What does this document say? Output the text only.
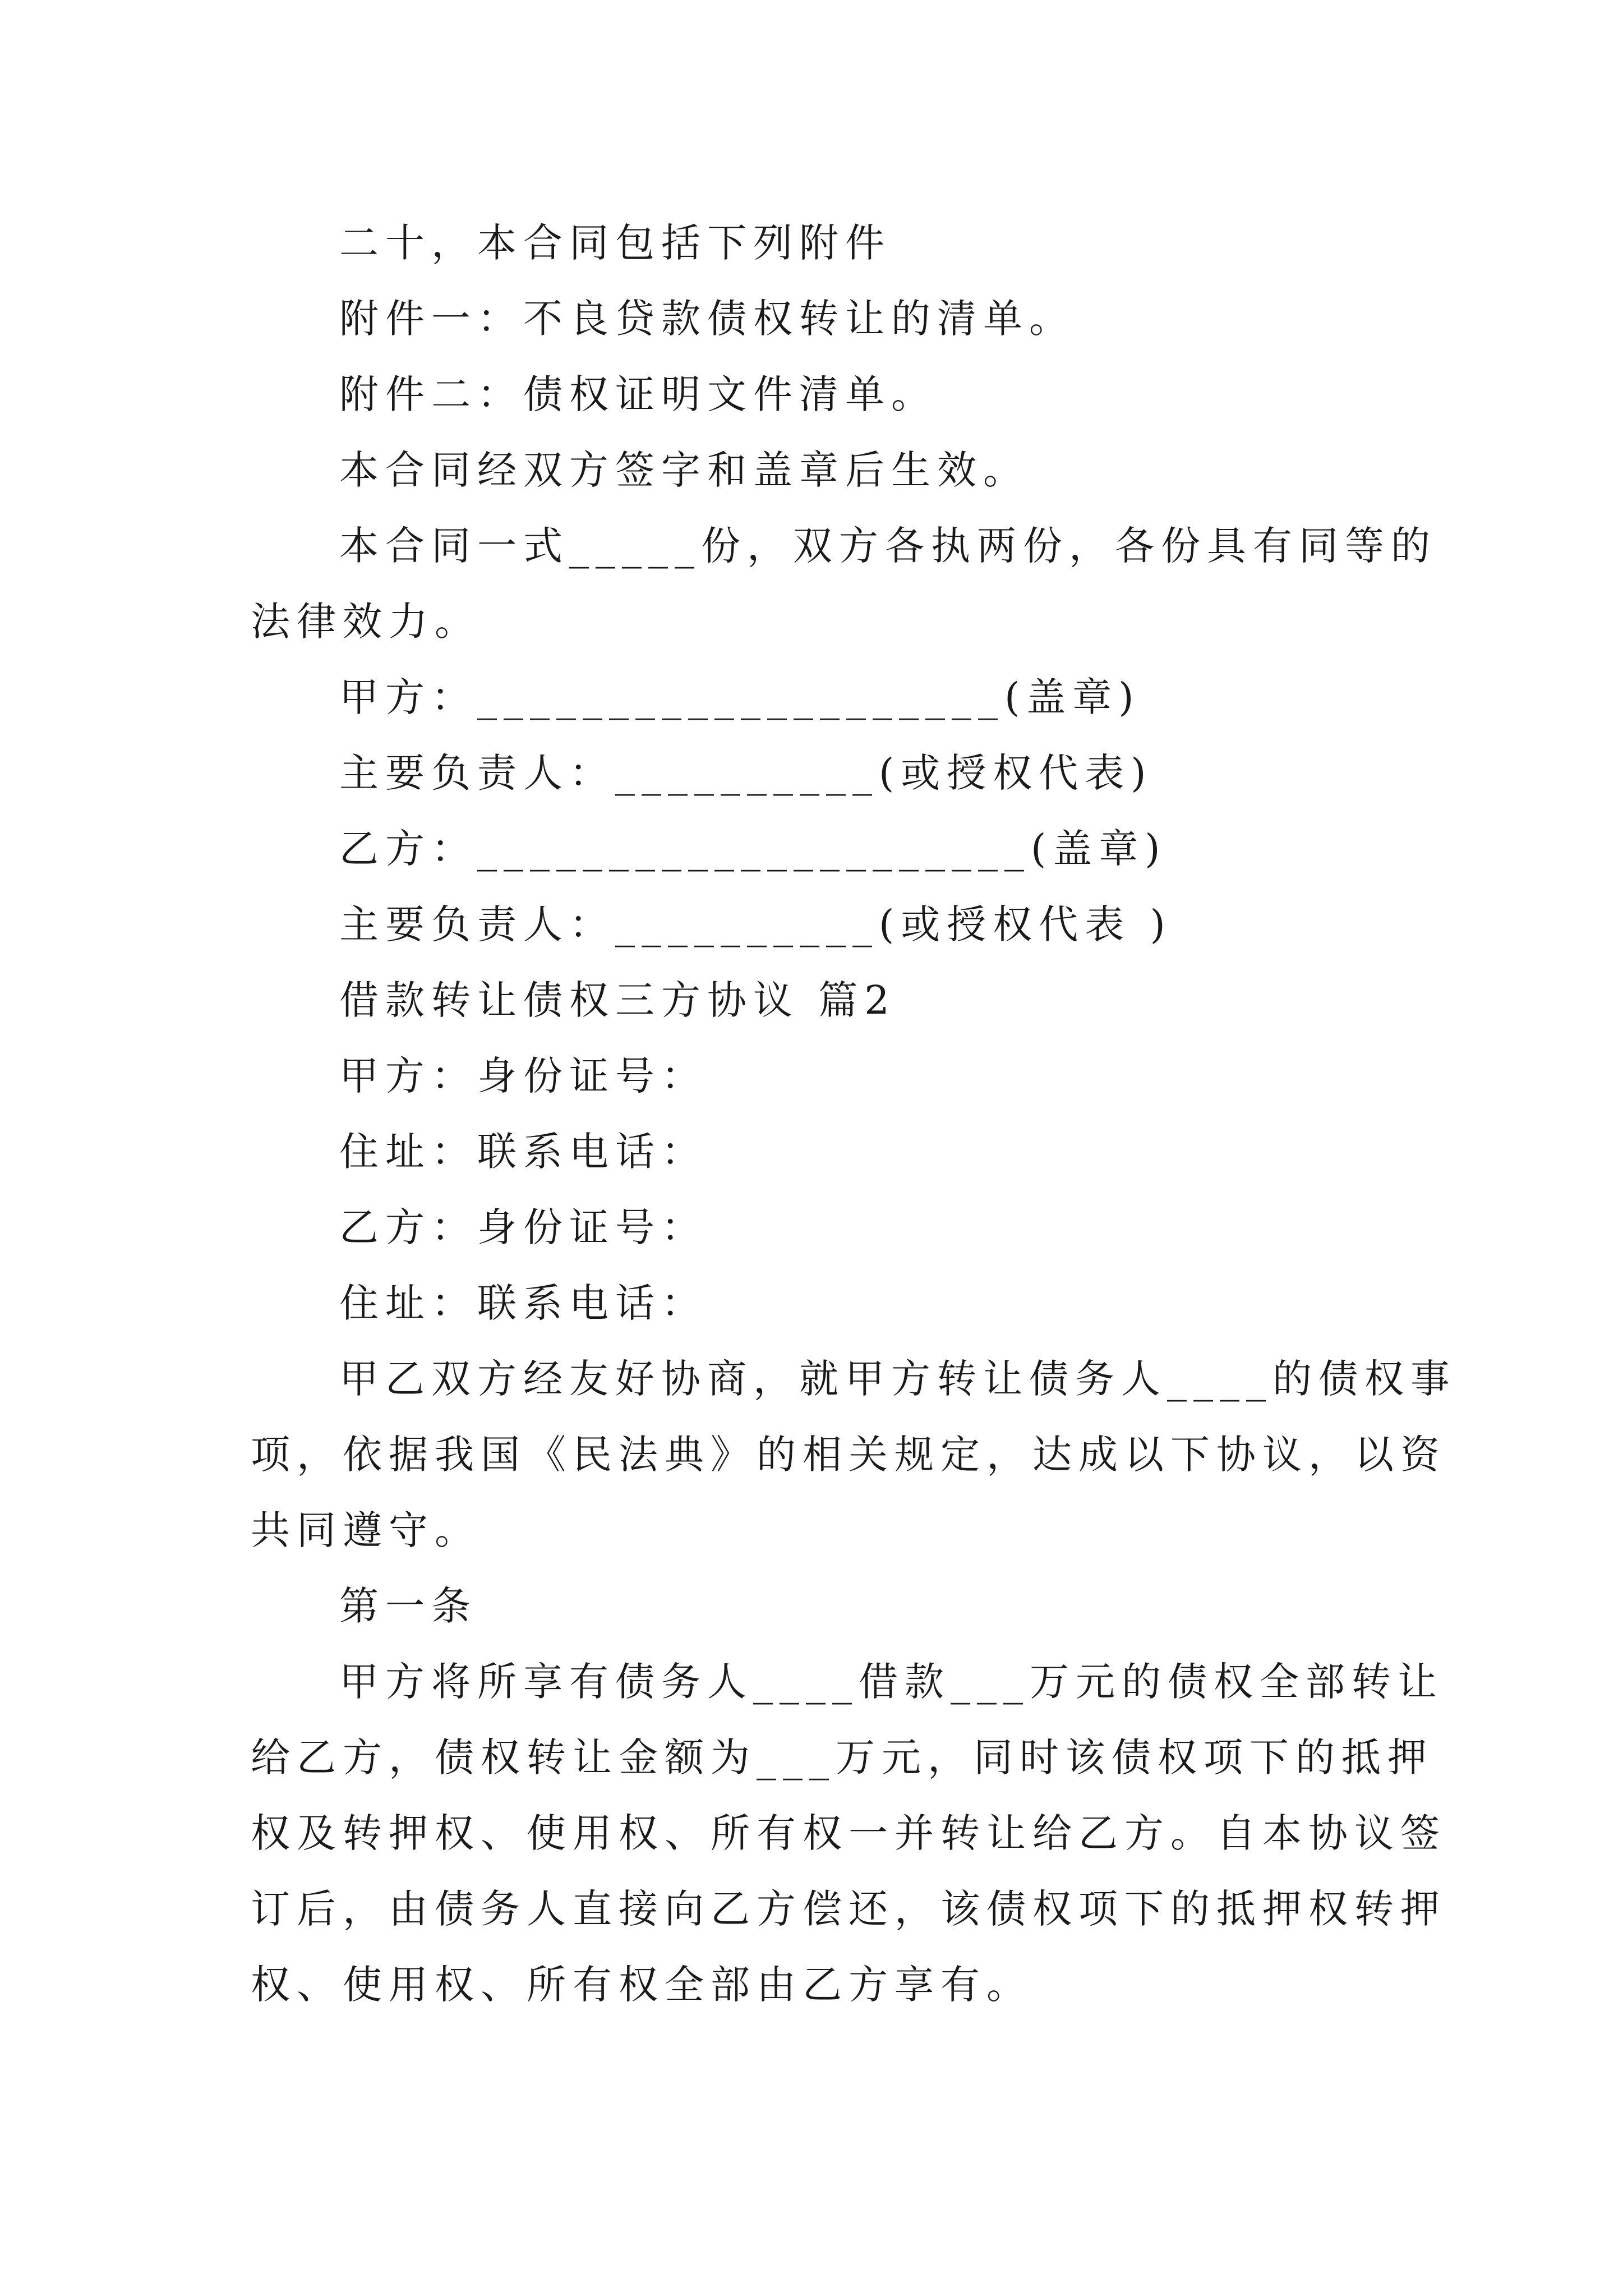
二十，本合同包括下列附件
附件一：不良贷款债权转让的清单。
附件二：债权证明文件清单。
本合同经双方签字和盖章后生效。
本合同一式_____份，双方各执两份，各份具有同等的
法律效力。
甲方：____________________(盖章)
主要负责人：__________(或授权代表)
乙方：_____________________(盖章)
主要负责人：__________(或授权代表 )
借款转让债权三方协议 篇2
甲方：身份证号：
住址：联系电话：
乙方：身份证号：
住址：联系电话：
甲乙双方经友好协商，就甲方转让债务人____的债权事
项，依据我国《民法典》的相关规定，达成以下协议，以资
共同遵守。
第一条
甲方将所享有债务人____借款___万元的债权全部转让
给乙方，债权转让金额为___万元，同时该债权项下的抵押
权及转押权、使用权、所有权一并转让给乙方。自本协议签
订后，由债务人直接向乙方偿还，该债权项下的抵押权转押
权、使用权、所有权全部由乙方享有。
